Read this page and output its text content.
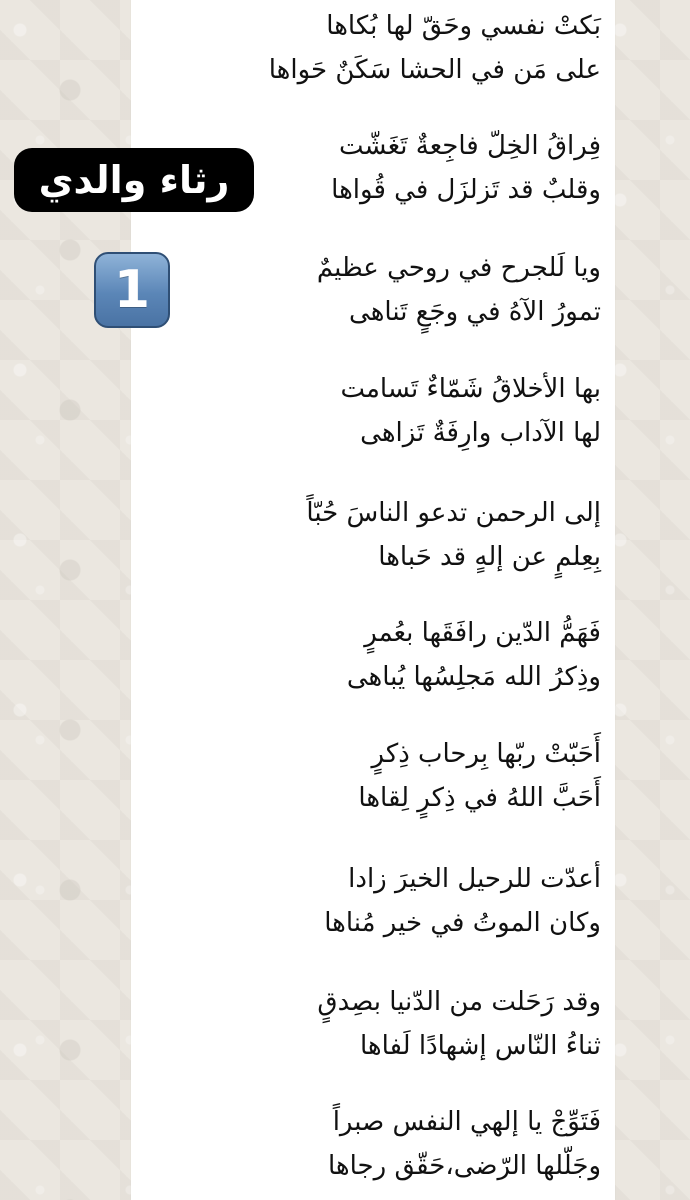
بَكتْ نفسي وحَقّ لها بُكاها
على مَن في الحشا سَكَنٌ حَواها
فِراقُ الخِلّ فاجِعةٌ تَغَشّت
وقلبٌ قد تَزلزَل في قُواها
ويا لَلجرح في روحي عظيمٌ
تمورُ الآهُ في وجَعٍ تَناهى
بها الأخلاقُ شَمّاءٌ تَسامت
لها الآداب وارِفَةٌ تَزاهى
إلى الرحمن تدعو الناسَ حُبّاً
بِعِلمٍ عن إلهٍ قد حَباها
فَهَمُّ الدّين رافَقَها بعُمرٍ
وذِكرُ الله مَجلِسُها يُباهى
أَحَبّتْ ربّها بِرحاب ذِكرٍ
أَحَبَّ اللهُ في ذِكرٍ لِقاها
أعدّت للرحيل الخيرَ زادا
وكان الموتُ في خير مُناها
وقد رَحَلت من الدّنيا بصِدقٍ
ثناءُ النّاس إشهادًا لَفاها
فَتَوِّجْ يا إلهي النفس صبراً
وجَلّلها الرّضى،حَقّق رجاها
رثاء والدي
1
